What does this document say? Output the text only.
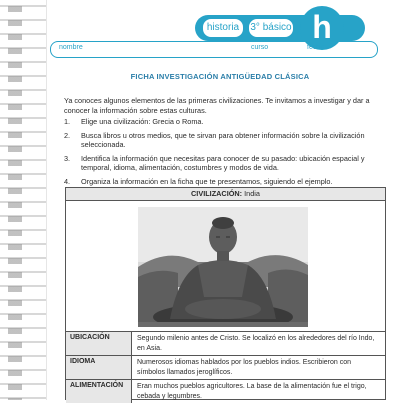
historia	3° básico h
nombre	curso	fecha
FICHA INVESTIGACIÓN ANTIGÜEDAD CLÁSICA
Ya conoces algunos elementos de las primeras civilizaciones. Te invitamos a investigar y dar a conocer la información sobre estas culturas.
1. Elige una civilización: Grecia o Roma.
2. Busca libros u otros medios, que te sirvan para obtener información sobre la civilización seleccionada.
3. Identifica la información que necesitas para conocer de su pasado: ubicación espacial y temporal, idioma, alimentación, costumbres y modos de vida.
4. Organiza la información en la ficha que te presentamos, siguiendo el ejemplo.
CIVILIZACIÓN: India
UBICACIÓN	Segundo milenio antes de Cristo. Se localizó en los alrededores del río Indo, en Asia.
IDIOMA	Numerosos idiomas hablados por los pueblos indios. Escribieron con símbolos llamados jeroglíficos.
ALIMENTACIÓN	Eran muchos pueblos agricultores. La base de la alimentación fue el trigo, cebada y legumbres.
